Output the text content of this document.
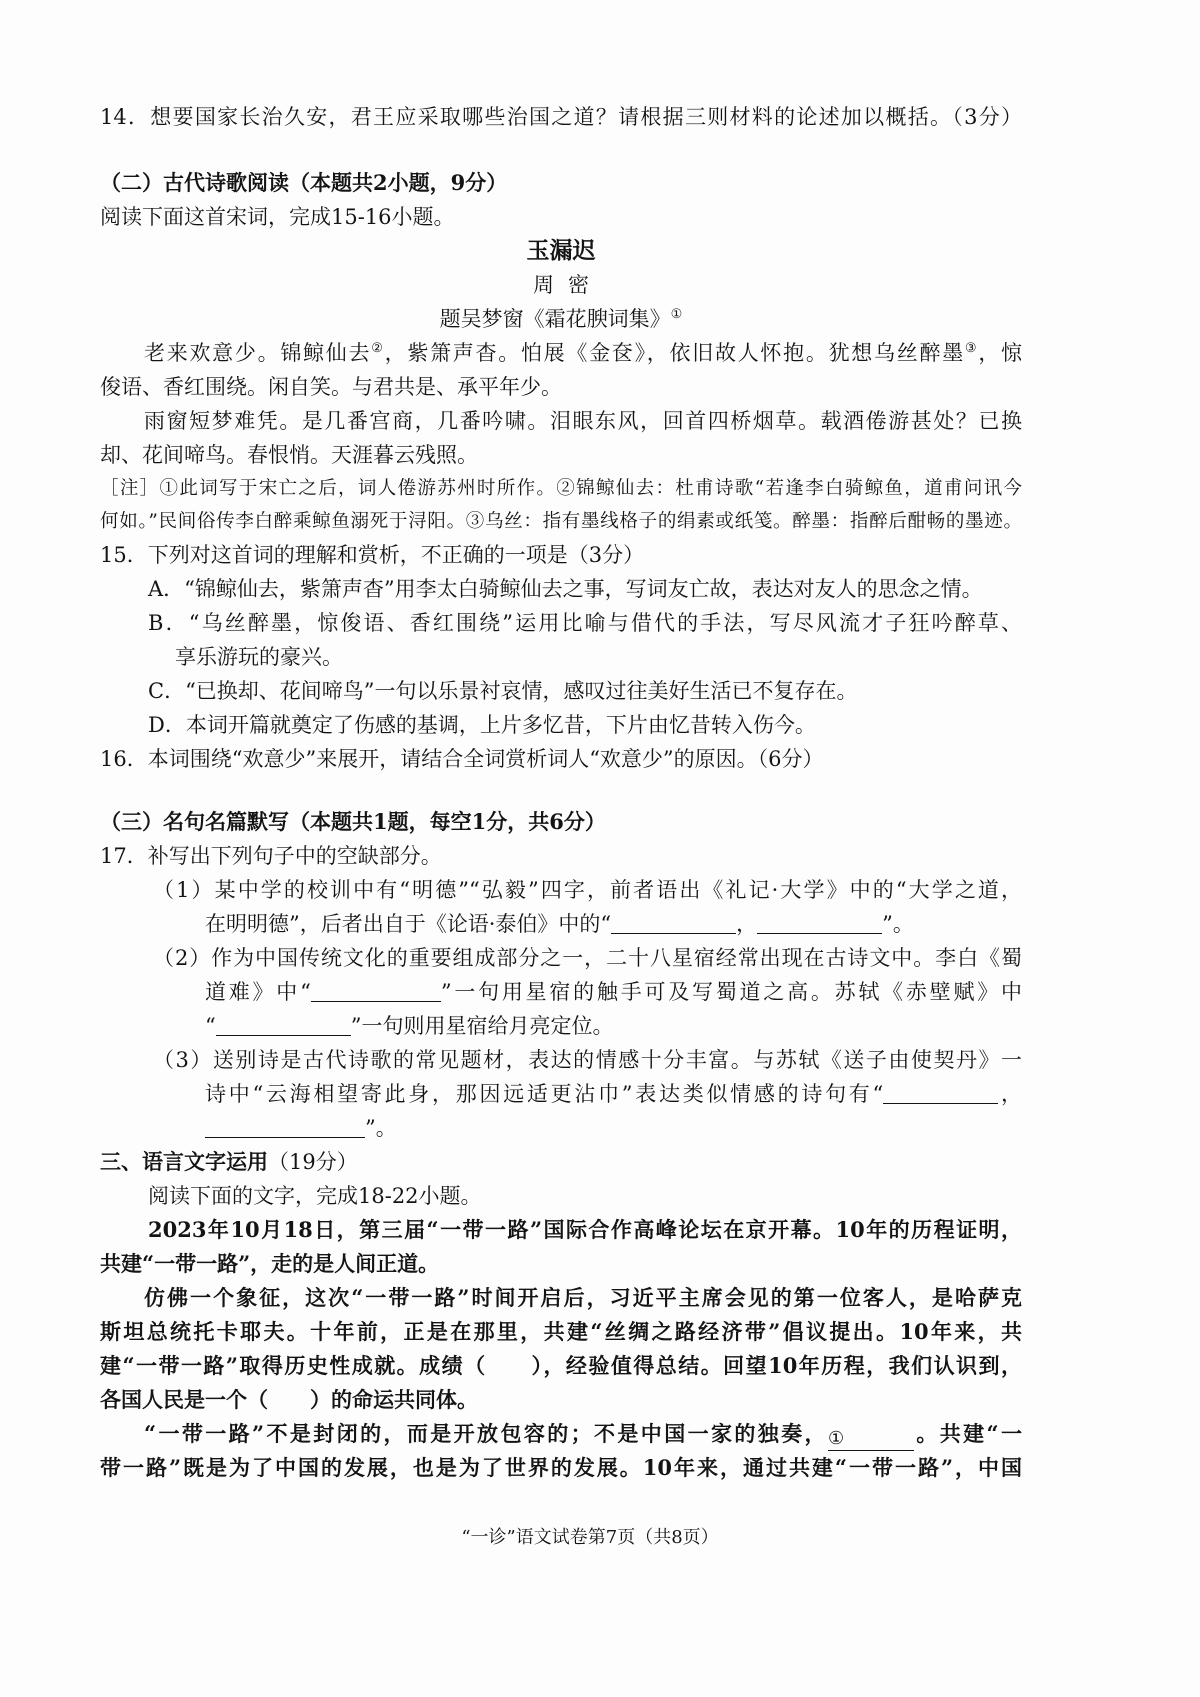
14．想要国家长治久安，君王应采取哪些治国之道？请根据三则材料的论述加以概括。（3分）
（二）古代诗歌阅读（本题共2小题，9分）
阅读下面这首宋词，完成15-16小题。
玉漏迟
周密
题吴梦窗《霜花腴词集》①
老来欢意少。锦鲸仙去②，紫箫声杳。怕展《金奁》，依旧故人怀抱。犹想乌丝醉墨③，惊
俊语、香红围绕。闲自笑。与君共是、承平年少。
雨窗短梦难凭。是几番宫商，几番吟啸。泪眼东风，回首四桥烟草。载酒倦游甚处？已换
却、花间啼鸟。春恨悄。天涯暮云残照。
［注］①此词写于宋亡之后，词人倦游苏州时所作。②锦鲸仙去：杜甫诗歌“若逢李白骑鲸鱼，道甫问讯今
何如。”民间俗传李白醉乘鲸鱼溺死于浔阳。③乌丝：指有墨线格子的绢素或纸笺。醉墨：指醉后酣畅的墨迹。
15．下列对这首词的理解和赏析，不正确的一项是（3分）
A．“锦鲸仙去，紫箫声杳”用李太白骑鲸仙去之事，写词友亡故，表达对友人的思念之情。
B．“乌丝醉墨，惊俊语、香红围绕”运用比喻与借代的手法，写尽风流才子狂吟醉草、
享乐游玩的豪兴。
C．“已换却、花间啼鸟”一句以乐景衬哀情，感叹过往美好生活已不复存在。
D．本词开篇就奠定了伤感的基调，上片多忆昔，下片由忆昔转入伤今。
16．本词围绕“欢意少”来展开，请结合全词赏析词人“欢意少”的原因。（6分）
（三）名句名篇默写（本题共1题，每空1分，共6分）
17．补写出下列句子中的空缺部分。
（1）某中学的校训中有“明德”“弘毅”四字，前者语出《礼记·大学》中的“大学之道，
在明明德”，后者出自于《论语·泰伯》中的“	，	”。
（2）作为中国传统文化的重要组成部分之一，二十八星宿经常出现在古诗文中。李白《蜀
道难》中“	”一句用星宿的触手可及写蜀道之高。苏轼《赤壁赋》中
“	”一句则用星宿给月亮定位。
（3）送别诗是古代诗歌的常见题材，表达的情感十分丰富。与苏轼《送子由使契丹》一
诗中“云海相望寄此身，那因远适更沾巾”表达类似情感的诗句有“	，
”。
三、语言文字运用（19分）
阅读下面的文字，完成18-22小题。
2023年10月18日，第三届“一带一路”国际合作高峰论坛在京开幕。10年的历程证明，
共建“一带一路”，走的是人间正道。
仿佛一个象征，这次“一带一路”时间开启后，习近平主席会见的第一位客人，是哈萨克
斯坦总统托卡耶夫。十年前，正是在那里，共建“丝绸之路经济带”倡议提出。10年来，共
建“一带一路”取得历史性成就。成绩（　　），经验值得总结。回望10年历程，我们认识到，
各国人民是一个（　　）的命运共同体。
“一带一路”不是封闭的，而是开放包容的；不是中国一家的独奏，①	。共建“一
带一路”既是为了中国的发展，也是为了世界的发展。10年来，通过共建“一带一路”，中国
“一诊”语文试卷第7页（共8页）
